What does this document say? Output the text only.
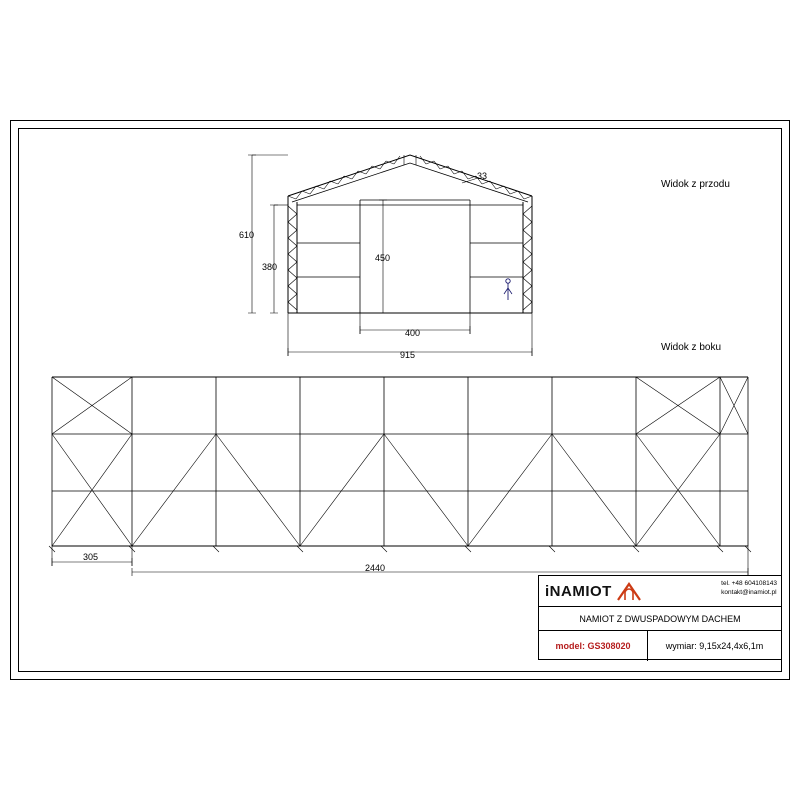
610
380
33
450
400
915
305
2440
Widok z przodu
Widok z boku
iNAMIOT	tel. +48 604108143
kontakt@inamiot.pl
NAMIOT Z DWUSPADOWYM DACHEM
model: GS308020	wymiar: 9,15x24,4x6,1m
